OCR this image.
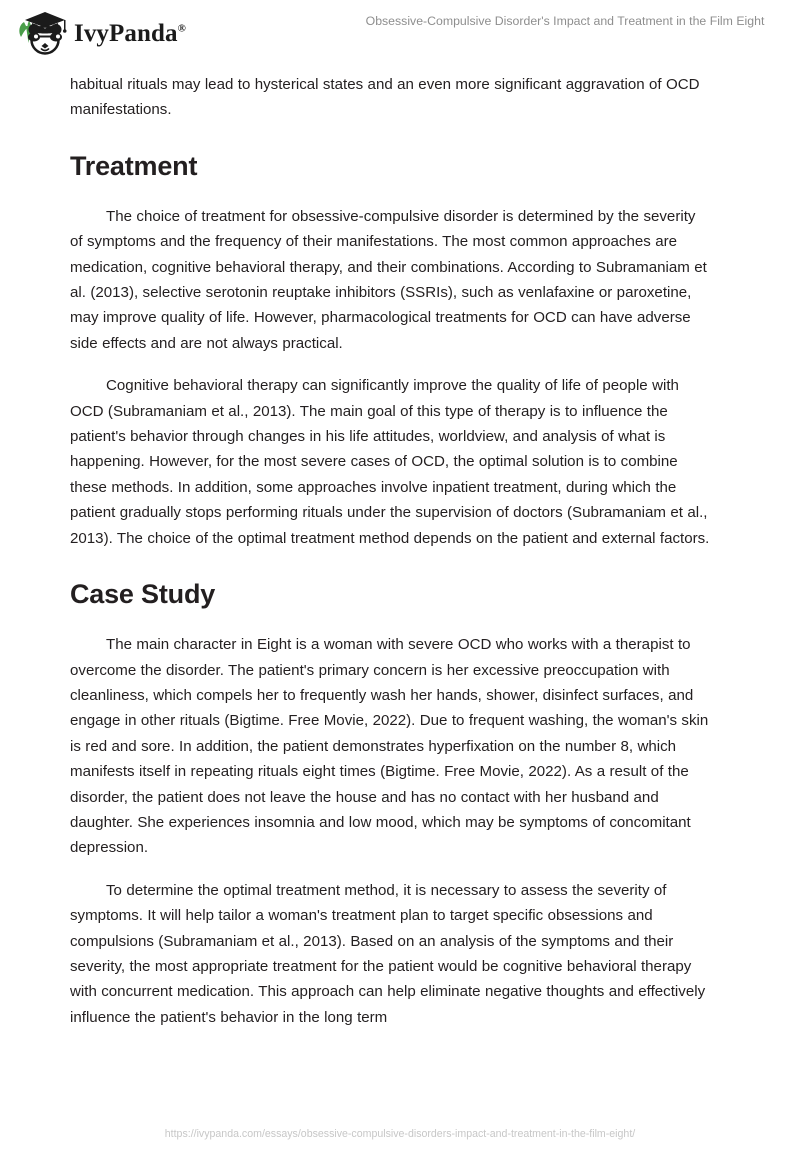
IvyPanda®
Obsessive-Compulsive Disorder's Impact and Treatment in the Film Eight

habitual rituals may lead to hysterical states and an even more significant aggravation of OCD manifestations.

Treatment

The choice of treatment for obsessive-compulsive disorder is determined by the severity of symptoms and the frequency of their manifestations. The most common approaches are medication, cognitive behavioral therapy, and their combinations. According to Subramaniam et al. (2013), selective serotonin reuptake inhibitors (SSRIs), such as venlafaxine or paroxetine, may improve quality of life. However, pharmacological treatments for OCD can have adverse side effects and are not always practical.

Cognitive behavioral therapy can significantly improve the quality of life of people with OCD (Subramaniam et al., 2013). The main goal of this type of therapy is to influence the patient's behavior through changes in his life attitudes, worldview, and analysis of what is happening. However, for the most severe cases of OCD, the optimal solution is to combine these methods. In addition, some approaches involve inpatient treatment, during which the patient gradually stops performing rituals under the supervision of doctors (Subramaniam et al., 2013). The choice of the optimal treatment method depends on the patient and external factors.

Case Study

The main character in Eight is a woman with severe OCD who works with a therapist to overcome the disorder. The patient's primary concern is her excessive preoccupation with cleanliness, which compels her to frequently wash her hands, shower, disinfect surfaces, and engage in other rituals (Bigtime. Free Movie, 2022). Due to frequent washing, the woman's skin is red and sore. In addition, the patient demonstrates hyperfixation on the number 8, which manifests itself in repeating rituals eight times (Bigtime. Free Movie, 2022). As a result of the disorder, the patient does not leave the house and has no contact with her husband and daughter. She experiences insomnia and low mood, which may be symptoms of concomitant depression.

To determine the optimal treatment method, it is necessary to assess the severity of symptoms. It will help tailor a woman's treatment plan to target specific obsessions and compulsions (Subramaniam et al., 2013). Based on an analysis of the symptoms and their severity, the most appropriate treatment for the patient would be cognitive behavioral therapy with concurrent medication. This approach can help eliminate negative thoughts and effectively influence the patient's behavior in the long term

https://ivypanda.com/essays/obsessive-compulsive-disorders-impact-and-treatment-in-the-film-eight/
